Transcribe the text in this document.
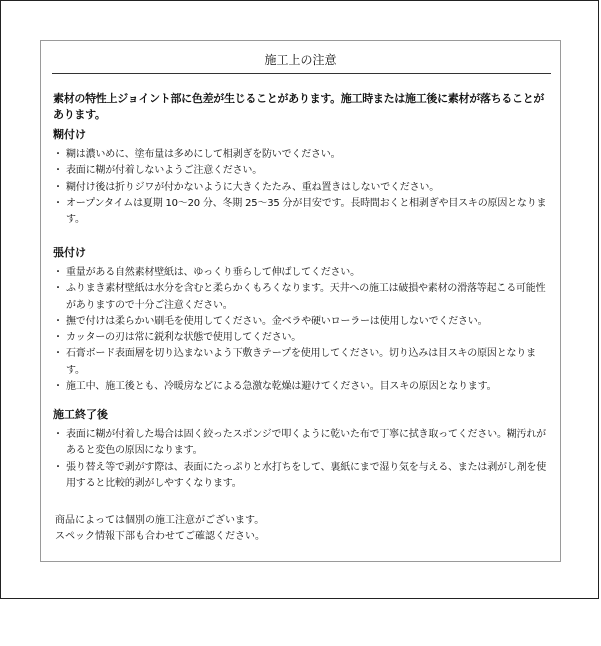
施工上の注意
素材の特性上ジョイント部に色差が生じることがあります。施工時または施工後に素材が落ちることがあります。
糊付け
・ 糊は濃いめに、塗布量は多めにして相剥ぎを防いでください。
・ 表面に糊が付着しないようご注意ください。
・ 糊付け後は折りジワが付かないように大きくたたみ、重ね置きはしないでください。
・ オープンタイムは夏期 10～20 分、冬期 25～35 分が目安です。長時間おくと相剥ぎや目スキの原因となります。
張付け
・ 重量がある自然素材壁紙は、ゆっくり垂らして伸ばしてください。
・ ふりまき素材壁紙は水分を含むと柔らかくもろくなります。天井への施工は破損や素材の滑落等起こる可能性がありますので十分ご注意ください。
・ 撫で付けは柔らかい刷毛を使用してください。金ベラや硬いローラーは使用しないでください。
・ カッターの刃は常に鋭利な状態で使用してください。
・ 石膏ボード表面層を切り込まないよう下敷きテープを使用してください。切り込みは目スキの原因となります。
・ 施工中、施工後とも、冷暖房などによる急激な乾燥は避けてください。目スキの原因となります。
施工終了後
・ 表面に糊が付着した場合は固く絞ったスポンジで叩くように乾いた布で丁寧に拭き取ってください。糊汚れがあると変色の原因になります。
・ 張り替え等で剥がす際は、表面にたっぷりと水打ちをして、裏紙にまで湿り気を与える、または剥がし剤を使用すると比較的剥がしやすくなります。
商品によっては個別の施工注意がございます。
スペック情報下部も合わせてご確認ください。
